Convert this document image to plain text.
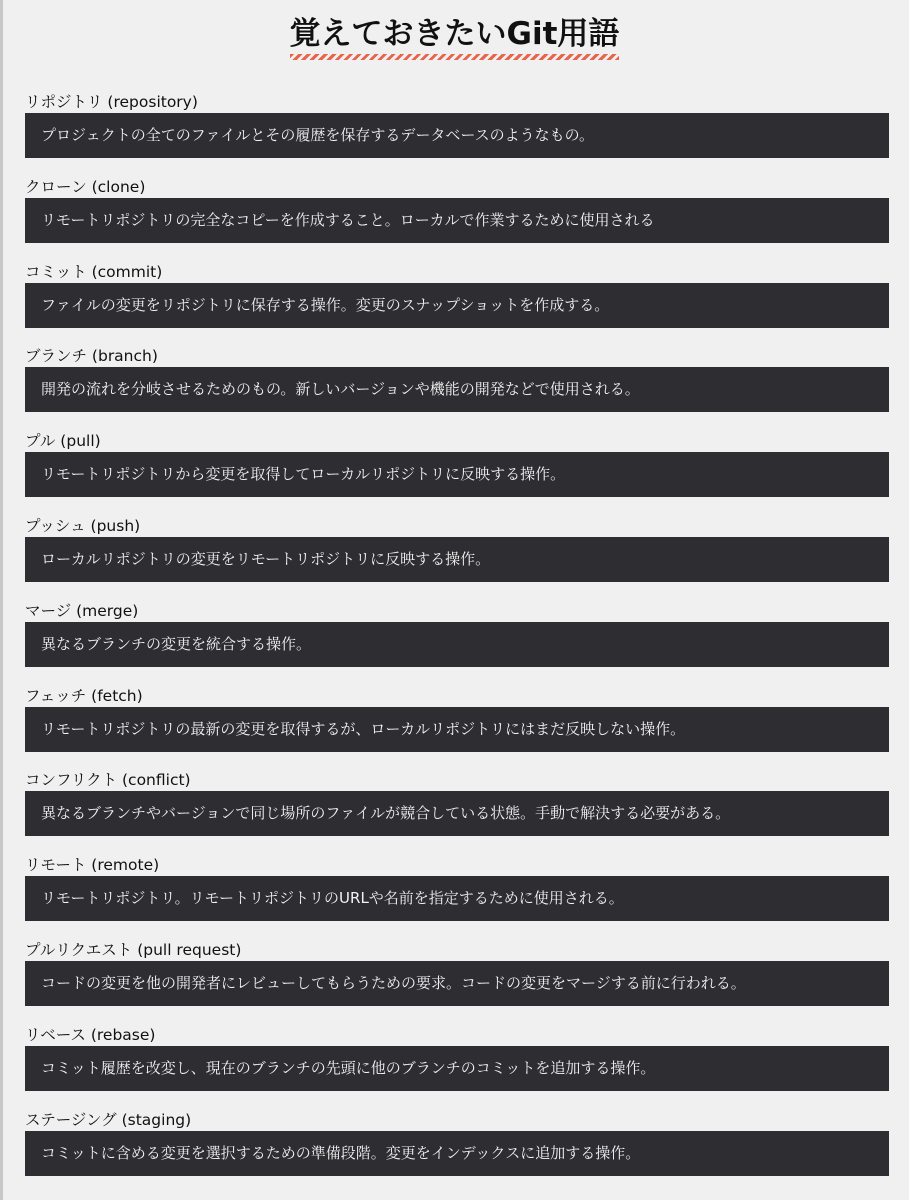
覚えておきたいGit用語
リポジトリ (repository)
プロジェクトの全てのファイルとその履歴を保存するデータベースのようなもの。
クローン (clone)
リモートリポジトリの完全なコピーを作成すること。ローカルで作業するために使用される
コミット (commit)
ファイルの変更をリポジトリに保存する操作。変更のスナップショットを作成する。
ブランチ (branch)
開発の流れを分岐させるためのもの。新しいバージョンや機能の開発などで使用される。
プル (pull)
リモートリポジトリから変更を取得してローカルリポジトリに反映する操作。
プッシュ (push)
ローカルリポジトリの変更をリモートリポジトリに反映する操作。
マージ (merge)
異なるブランチの変更を統合する操作。
フェッチ (fetch)
リモートリポジトリの最新の変更を取得するが、ローカルリポジトリにはまだ反映しない操作。
コンフリクト (conflict)
異なるブランチやバージョンで同じ場所のファイルが競合している状態。手動で解決する必要がある。
リモート (remote)
リモートリポジトリ。リモートリポジトリのURLや名前を指定するために使用される。
プルリクエスト (pull request)
コードの変更を他の開発者にレビューしてもらうための要求。コードの変更をマージする前に行われる。
リベース (rebase)
コミット履歴を改変し、現在のブランチの先頭に他のブランチのコミットを追加する操作。
ステージング (staging)
コミットに含める変更を選択するための準備段階。変更をインデックスに追加する操作。
